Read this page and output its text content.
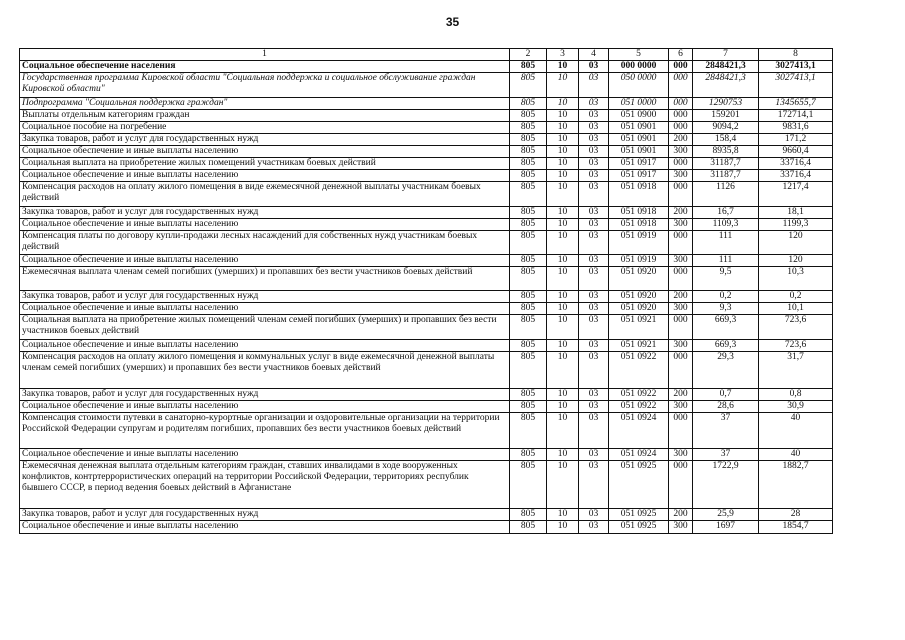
35
1	2	3	4	5	6	7	8
Социальное обеспечение населения	805	10	03	000 0000	000	2848421,3	3027413,1
Государственная программа Кировской области "Социальная поддержка и социальное обслуживание граждан Кировской области"	805	10	03	050 0000	000	2848421,3	3027413,1
Подпрограмма "Социальная поддержка граждан"	805	10	03	051 0000	000	1290753	1345655,7
Выплаты отдельным категориям граждан	805	10	03	051 0900	000	159201	172714,1
Социальное пособие на погребение	805	10	03	051 0901	000	9094,2	9831,6
Закупка товаров, работ и услуг для государственных нужд	805	10	03	051 0901	200	158,4	171,2
Социальное обеспечение и иные выплаты населению	805	10	03	051 0901	300	8935,8	9660,4
Социальная выплата на приобретение жилых помещений участникам боевых действий	805	10	03	051 0917	000	31187,7	33716,4
Социальное обеспечение и иные выплаты населению	805	10	03	051 0917	300	31187,7	33716,4
Компенсация расходов на оплату жилого помещения в виде ежемесячной денежной выплаты участникам боевых действий	805	10	03	051 0918	000	1126	1217,4
Закупка товаров, работ и услуг для государственных нужд	805	10	03	051 0918	200	16,7	18,1
Социальное обеспечение и иные выплаты населению	805	10	03	051 0918	300	1109,3	1199,3
Компенсация платы по договору купли-продажи лесных насаждений для собственных нужд участникам боевых действий	805	10	03	051 0919	000	111	120
Социальное обеспечение и иные выплаты населению	805	10	03	051 0919	300	111	120
Ежемесячная выплата членам семей погибших (умерших) и пропавших без вести участников боевых действий	805	10	03	051 0920	000	9,5	10,3
Закупка товаров, работ и услуг для государственных нужд	805	10	03	051 0920	200	0,2	0,2
Социальное обеспечение и иные выплаты населению	805	10	03	051 0920	300	9,3	10,1
Социальная выплата на приобретение жилых помещений членам семей погибших (умерших) и пропавших без вести участников боевых действий	805	10	03	051 0921	000	669,3	723,6
Социальное обеспечение и иные выплаты населению	805	10	03	051 0921	300	669,3	723,6
Компенсация расходов на оплату жилого помещения и коммунальных услуг в виде ежемесячной денежной выплаты членам семей погибших (умерших) и пропавших без вести участников боевых действий	805	10	03	051 0922	000	29,3	31,7
Закупка товаров, работ и услуг для государственных нужд	805	10	03	051 0922	200	0,7	0,8
Социальное обеспечение и иные выплаты населению	805	10	03	051 0922	300	28,6	30,9
Компенсация стоимости путевки в санаторно-курортные организации и оздоровительные организации на территории Российской Федерации супругам и родителям погибших, пропавших без вести участников боевых действий	805	10	03	051 0924	000	37	40
Социальное обеспечение и иные выплаты населению	805	10	03	051 0924	300	37	40
Ежемесячная денежная выплата отдельным категориям граждан, ставших инвалидами в ходе вооруженных конфликтов, контртеррористических операций на территории Российской Федерации, территориях республик бывшего СССР, в период ведения боевых действий в Афганистане	805	10	03	051 0925	000	1722,9	1882,7
Закупка товаров, работ и услуг для государственных нужд	805	10	03	051 0925	200	25,9	28
Социальное обеспечение и иные выплаты населению	805	10	03	051 0925	300	1697	1854,7
